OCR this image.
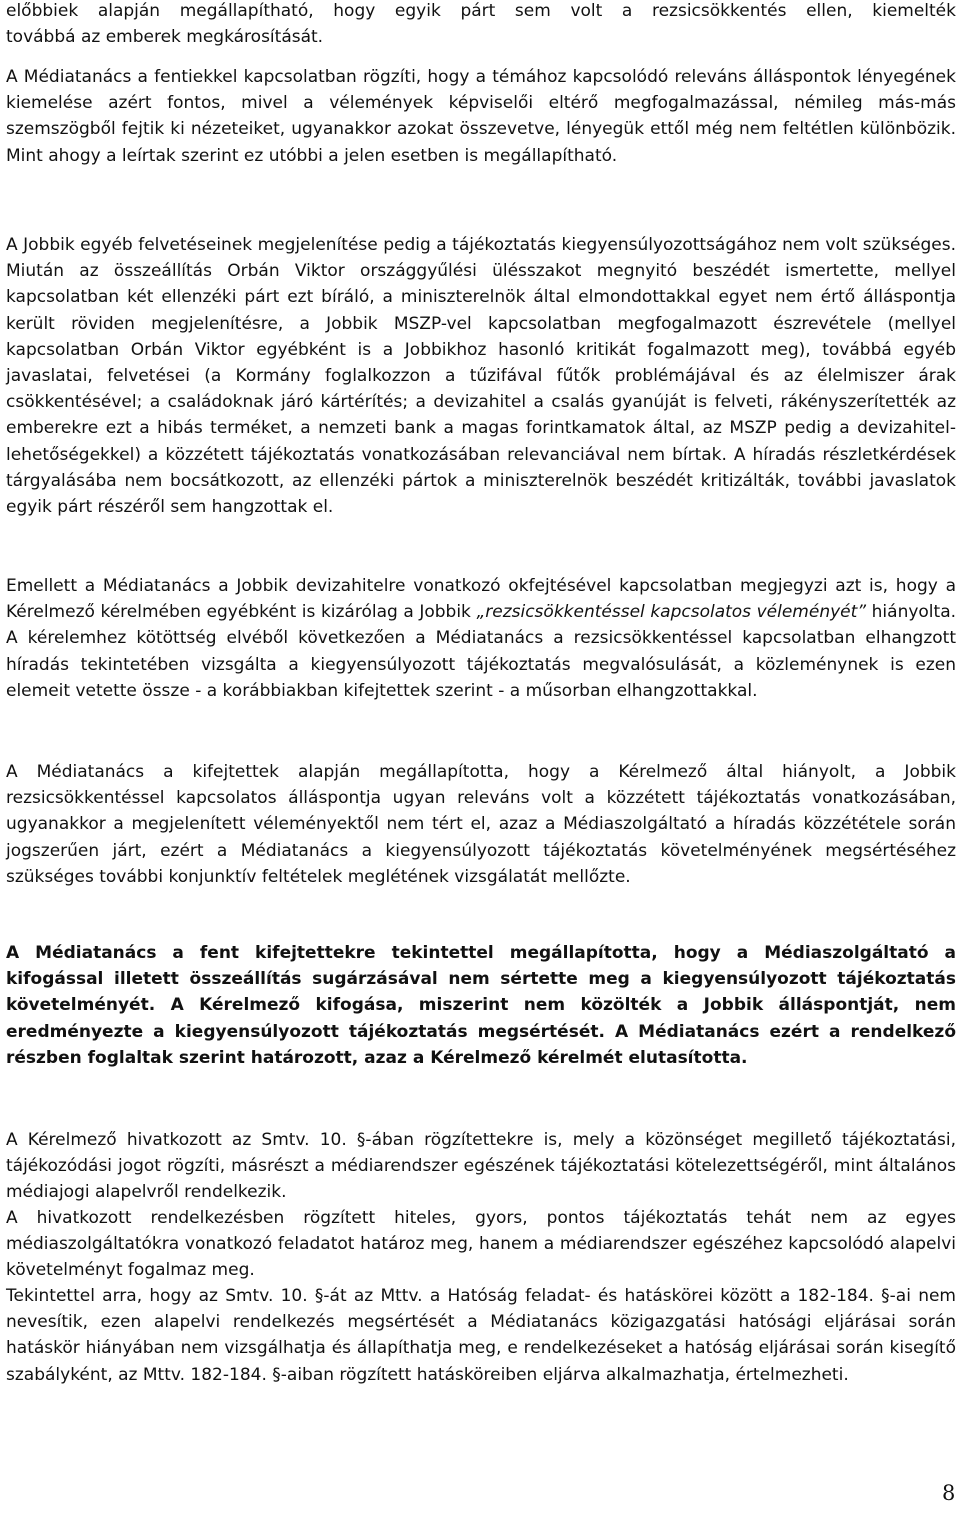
előbbiek alapján megállapítható, hogy egyik párt sem volt a rezsicsökkentés ellen, kiemelték
továbbá az emberek megkárosítását.

A Médiatanács a fentiekkel kapcsolatban rögzíti, hogy a témához kapcsolódó releváns álláspontok lényegének kiemelése azért fontos, mivel a vélemények képviselői eltérő megfogalmazással, némileg más-más szemszögből fejtik ki nézeteiket, ugyanakkor azokat összevetve, lényegük ettől még nem feltétlen különbözik. Mint ahogy a leírtak szerint ez utóbbi a jelen esetben is megállapítható.

A Jobbik egyéb felvetéseinek megjelenítése pedig a tájékoztatás kiegyensúlyozottságához nem volt szükséges. Miután az összeállítás Orbán Viktor országgyűlési ülésszakot megnyitó beszédét ismertette, mellyel kapcsolatban két ellenzéki párt ezt bíráló, a miniszterelnök által elmondottakkal egyet nem értő álláspontja került röviden megjelenítésre, a Jobbik MSZP-vel kapcsolatban megfogalmazott észrevétele (mellyel kapcsolatban Orbán Viktor egyébként is a Jobbikhoz hasonló kritikát fogalmazott meg), továbbá egyéb javaslatai, felvetései (a Kormány foglalkozzon a tűzifával fűtők problémájával és az élelmiszer árak csökkentésével; a családoknak járó kártérítés; a devizahitel a csalás gyanúját is felveti, rákényszerítették az emberekre ezt a hibás terméket, a nemzeti bank a magas forintkamatok által, az MSZP pedig a devizahitel-lehetőségekkel) a közzétett tájékoztatás vonatkozásában relevanciával nem bírtak. A híradás részletkérdések tárgyalásába nem bocsátkozott, az ellenzéki pártok a miniszterelnök beszédét kritizálták, további javaslatok egyik párt részéről sem hangzottak el.

Emellett a Médiatanács a Jobbik devizahitelre vonatkozó okfejtésével kapcsolatban megjegyzi azt is, hogy a Kérelmező kérelmében egyébként is kizárólag a Jobbik „rezsicsökkentéssel kapcsolatos véleményét” hiányolta. A kérelemhez kötöttség elvéből következően a Médiatanács a rezsicsökkentéssel kapcsolatban elhangzott híradás tekintetében vizsgálta a kiegyensúlyozott tájékoztatás megvalósulását, a közleménynek is ezen elemeit vetette össze - a korábbiakban kifejtettek szerint - a műsorban elhangzottakkal.

A Médiatanács a kifejtettek alapján megállapította, hogy a Kérelmező által hiányolt, a Jobbik rezsicsökkentéssel kapcsolatos álláspontja ugyan releváns volt a közzétett tájékoztatás vonatkozásában, ugyanakkor a megjelenített véleményektől nem tért el, azaz a Médiaszolgáltató a híradás közzététele során jogszerűen járt, ezért a Médiatanács a kiegyensúlyozott tájékoztatás követelményének megsértéséhez szükséges további konjunktív feltételek meglétének vizsgálatát mellőzte.

A Médiatanács a fent kifejtettekre tekintettel megállapította, hogy a Médiaszolgáltató a kifogással illetett összeállítás sugárzásával nem sértette meg a kiegyensúlyozott tájékoztatás követelményét. A Kérelmező kifogása, miszerint nem közölték a Jobbik álláspontját, nem eredményezte a kiegyensúlyozott tájékoztatás megsértését. A Médiatanács ezért a rendelkező részben foglaltak szerint határozott, azaz a Kérelmező kérelmét elutasította.

A Kérelmező hivatkozott az Smtv. 10. §-ában rögzítettekre is, mely a közönséget megillető tájékoztatási, tájékozódási jogot rögzíti, másrészt a médiarendszer egészének tájékoztatási kötelezettségéről, mint általános médiajogi alapelvről rendelkezik.

A hivatkozott rendelkezésben rögzített hiteles, gyors, pontos tájékoztatás tehát nem az egyes médiaszolgáltatókra vonatkozó feladatot határoz meg, hanem a médiarendszer egészéhez kapcsolódó alapelvi követelményt fogalmaz meg.

Tekintettel arra, hogy az Smtv. 10. §-át az Mttv. a Hatóság feladat- és hatáskörei között a 182-184. §-ai nem nevesítik, ezen alapelvi rendelkezés megsértését a Médiatanács közigazgatási hatósági eljárásai során hatáskör hiányában nem vizsgálhatja és állapíthatja meg, e rendelkezéseket a hatóság eljárásai során kisegítő szabályként, az Mttv. 182-184. §-aiban rögzített hatásköreiben eljárva alkalmazhatja, értelmezheti.

8
